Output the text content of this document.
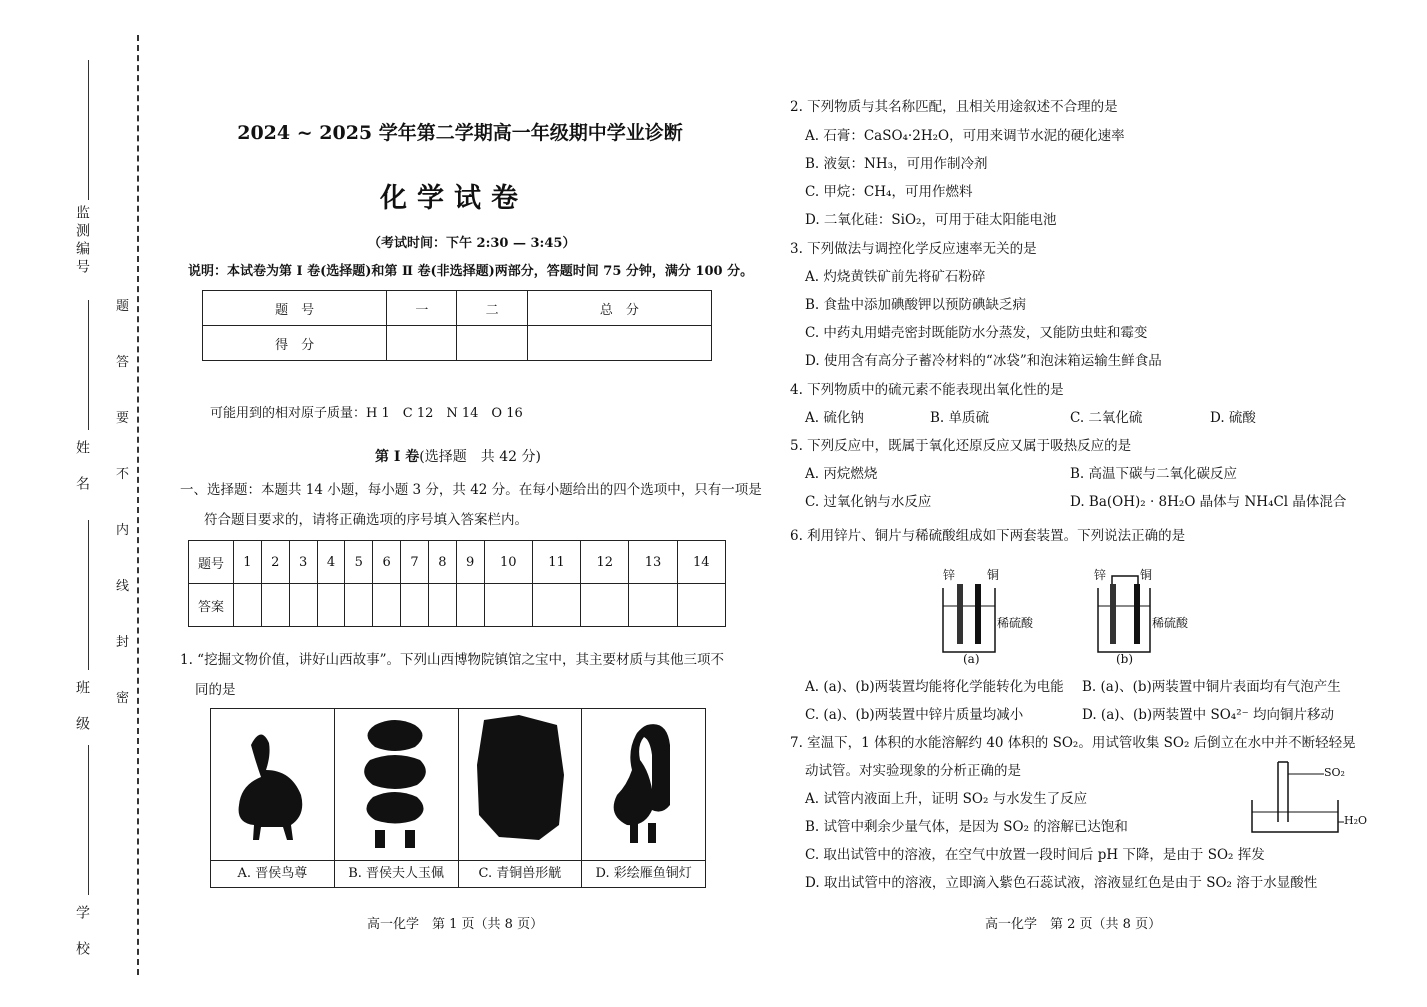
监测编号
姓　名
班　级
学　校
题
答
要
不
内
线
封
密
2024 ~ 2025 学年第二学期高一年级期中学业诊断
化学试卷
（考试时间：下午 2:30 — 3:45）
说明：本试卷为第 Ⅰ 卷(选择题)和第 Ⅱ 卷(非选择题)两部分，答题时间 75 分钟，满分 100 分。
题　号	一	二	总　分
得　分			
可能用到的相对原子质量：H 1　C 12　N 14　O 16
第 Ⅰ 卷(选择题　共 42 分)
一、选择题：本题共 14 小题，每小题 3 分，共 42 分。在每小题给出的四个选项中，只有一项是
符合题目要求的，请将正确选项的序号填入答案栏内。
题号	1	2	3	4	5	6	7	8	9	10	11	12	13	14
答案														
1. “挖掘文物价值，讲好山西故事”。下列山西博物院镇馆之宝中，其主要材质与其他三项不
同的是
A. 晋侯鸟尊	B. 晋侯夫人玉佩	C. 青铜兽形觥	D. 彩绘雁鱼铜灯
高一化学　第 1 页（共 8 页）
2. 下列物质与其名称匹配，且相关用途叙述不合理的是
A. 石膏：CaSO₄·2H₂O，可用来调节水泥的硬化速率
B. 液氨：NH₃，可用作制冷剂
C. 甲烷：CH₄，可用作燃料
D. 二氧化硅：SiO₂，可用于硅太阳能电池
3. 下列做法与调控化学反应速率无关的是
A. 灼烧黄铁矿前先将矿石粉碎
B. 食盐中添加碘酸钾以预防碘缺乏病
C. 中药丸用蜡壳密封既能防水分蒸发，又能防虫蛀和霉变
D. 使用含有高分子蓄冷材料的“冰袋”和泡沫箱运输生鲜食品
4. 下列物质中的硫元素不能表现出氧化性的是
A. 硫化钠	B. 单质硫	C. 二氧化硫	D. 硫酸
5. 下列反应中，既属于氧化还原反应又属于吸热反应的是
A. 丙烷燃烧	B. 高温下碳与二氧化碳反应
C. 过氧化钠与水反应	D. Ba(OH)₂ · 8H₂O 晶体与 NH₄Cl 晶体混合
6. 利用锌片、铜片与稀硫酸组成如下两套装置。下列说法正确的是
锌	铜
稀硫酸
(a)
锌	铜
稀硫酸
(b)
A. (a)、(b)两装置均能将化学能转化为电能 B. (a)、(b)两装置中铜片表面均有气泡产生
C. (a)、(b)两装置中锌片质量均减小	D. (a)、(b)两装置中 SO₄²⁻ 均向铜片移动
7. 室温下，1 体积的水能溶解约 40 体积的 SO₂。用试管收集 SO₂ 后倒立在水中并不断轻轻晃
动试管。对实验现象的分析正确的是	SO₂
H₂O
A. 试管内液面上升，证明 SO₂ 与水发生了反应
B. 试管中剩余少量气体，是因为 SO₂ 的溶解已达饱和
C. 取出试管中的溶液，在空气中放置一段时间后 pH 下降，是由于 SO₂ 挥发
D. 取出试管中的溶液，立即滴入紫色石蕊试液，溶液显红色是由于 SO₂ 溶于水显酸性
高一化学　第 2 页（共 8 页）
